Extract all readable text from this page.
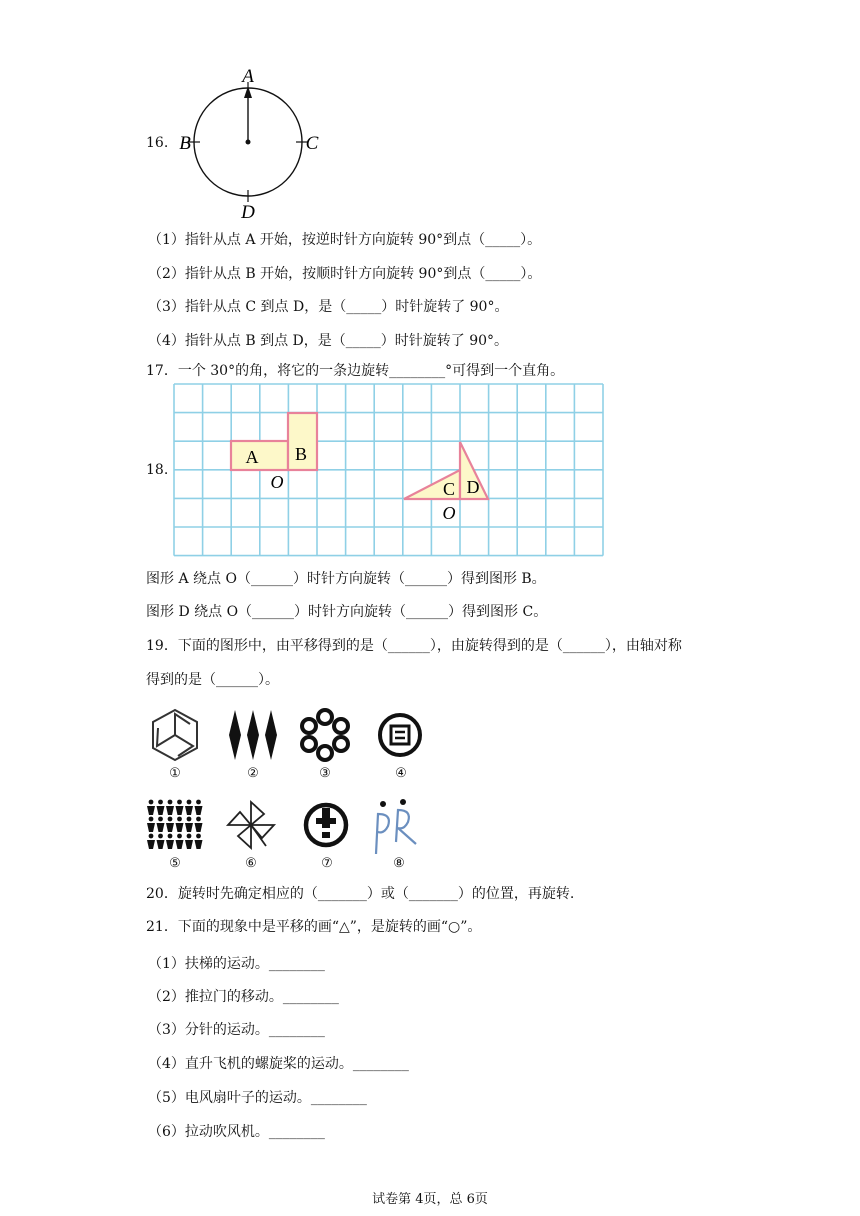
16.
A
B	C
D
（1）指针从点 A 开始，按逆时针方向旋转 90°到点（_____）。
（2）指针从点 B 开始，按顺时针方向旋转 90°到点（_____）。
（3）指针从点 C 到点 D，是（_____）时针旋转了 90°。
（4）指针从点 B 到点 D，是（_____）时针旋转了 90°。
17．一个 30°的角，将它的一条边旋转________°可得到一个直角。
18.
A B
O	C D
O
图形 A 绕点 O（______）时针方向旋转（______）得到图形 B。
图形 D 绕点 O（______）时针方向旋转（______）得到图形 C。
19．下面的图形中，由平移得到的是（______），由旋转得到的是（______），由轴对称
得到的是（______）。
①	②	③	④
⑤	⑥	⑦	⑧
20．旋转时先确定相应的（_______）或（_______）的位置，再旋转.
21．下面的现象中是平移的画“△”，是旋转的画“○”。
（1）扶梯的运动。________
（2）推拉门的移动。________
（3）分针的运动。________
（4）直升飞机的螺旋桨的运动。________
（5）电风扇叶子的运动。________
（6）拉动吹风机。________
试卷第 4页，总 6页
